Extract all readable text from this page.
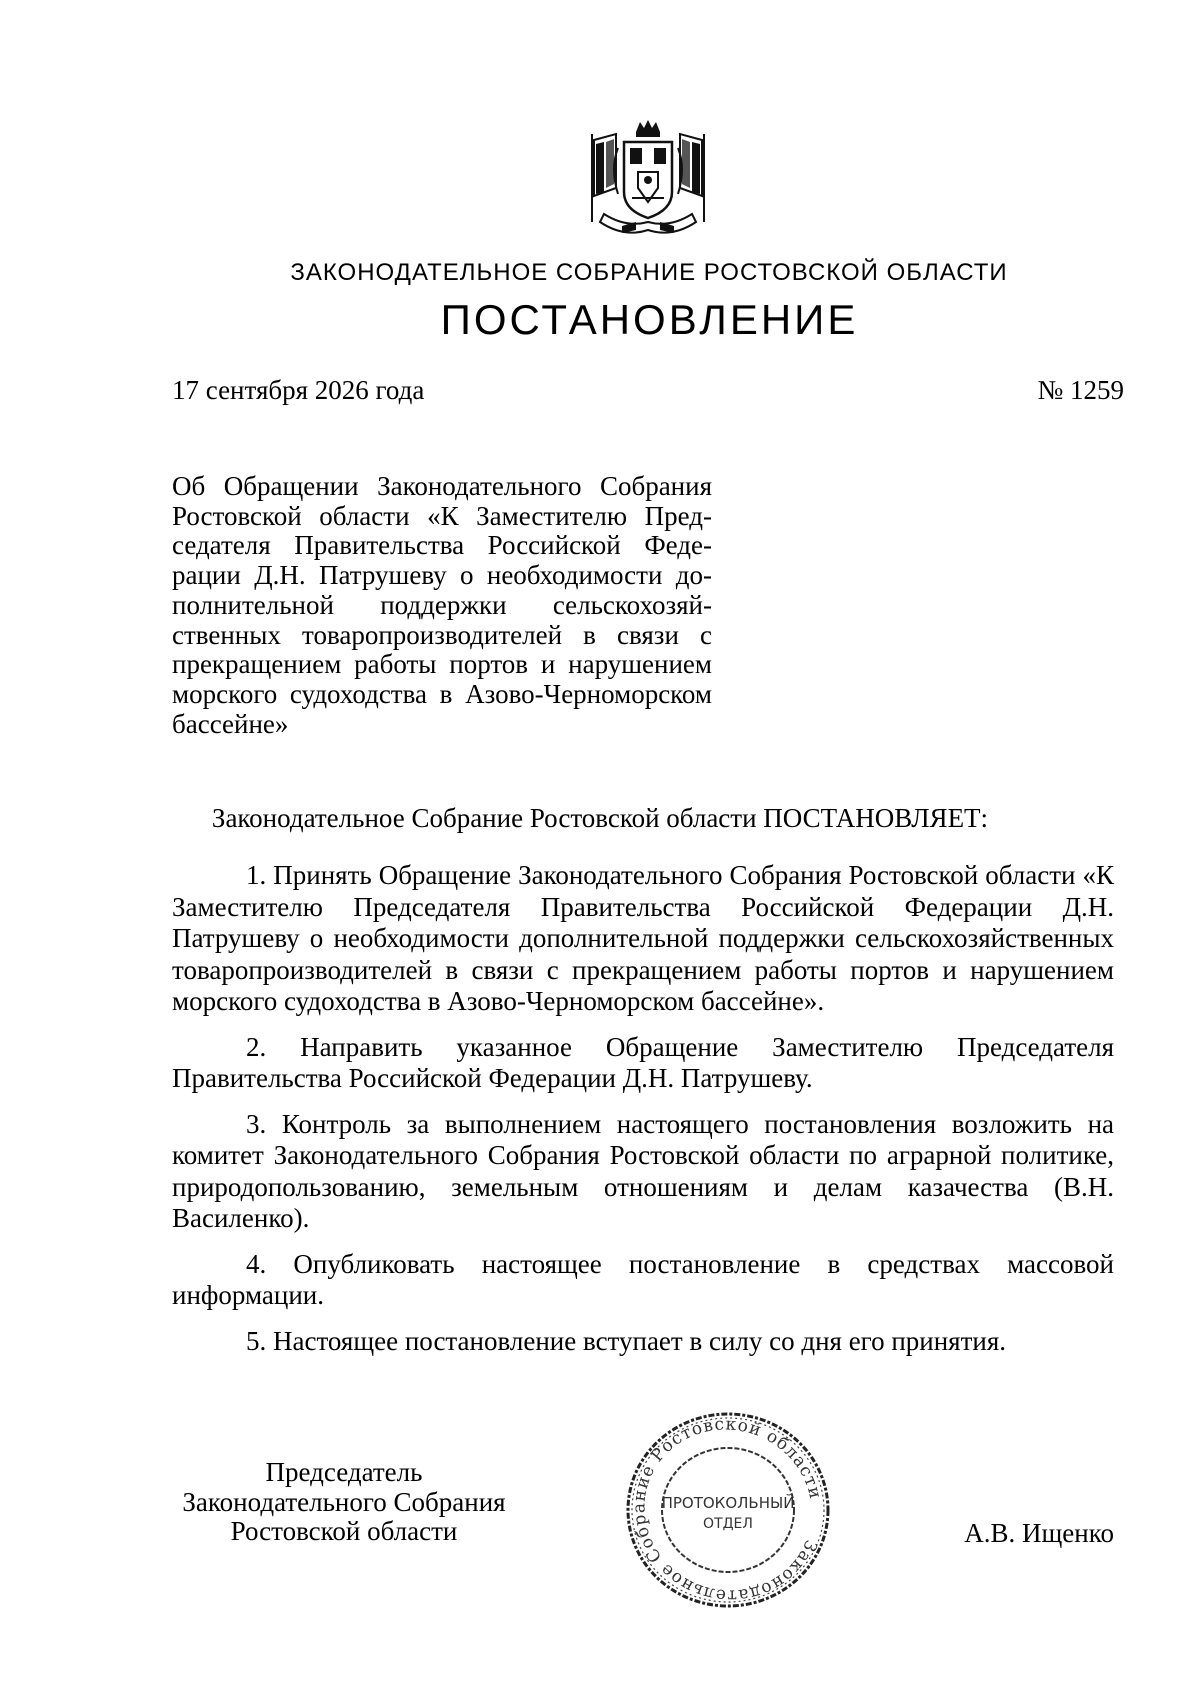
ЗАКОНОДАТЕЛЬНОЕ СОБРАНИЕ РОСТОВСКОЙ ОБЛАСТИ
ПОСТАНОВЛЕНИЕ
17 сентября 2026 года	№ 1259
Об Обращении Законодательного Собрания Ростовской области «К Заместителю Председателя Правительства Российской Федерации Д.Н. Патрушеву о необходимости дополнительной поддержки сельскохозяйственных товаропроизводителей в связи с прекращением работы портов и нарушением морского судоходства в Азово-Черноморском бассейне»
Законодательное Собрание Ростовской области ПОСТАНОВЛЯЕТ:

1. Принять Обращение Законодательного Собрания Ростовской области «К Заместителю Председателя Правительства Российской Федерации Д.Н. Патрушеву о необходимости дополнительной поддержки сельскохозяйственных товаропроизводителей в связи с прекращением работы портов и нарушением морского судоходства в Азово-Черноморском бассейне».

2. Направить указанное Обращение Заместителю Председателя Правительства Российской Федерации Д.Н. Патрушеву.

3. Контроль за выполнением настоящего постановления возложить на комитет Законодательного Собрания Ростовской области по аграрной политике, природопользованию, земельным отношениям и делам казачества (В.Н. Василенко).

4. Опубликовать настоящее постановление в средствах массовой информации.

5. Настоящее постановление вступает в силу со дня его принятия.

Председатель
Законодательного Собрания
Ростовской области	Законодательное Собрание Ростовской области
ПРОТОКОЛЬНЫЙ
ОТДЕЛ	А.В. Ищенко
